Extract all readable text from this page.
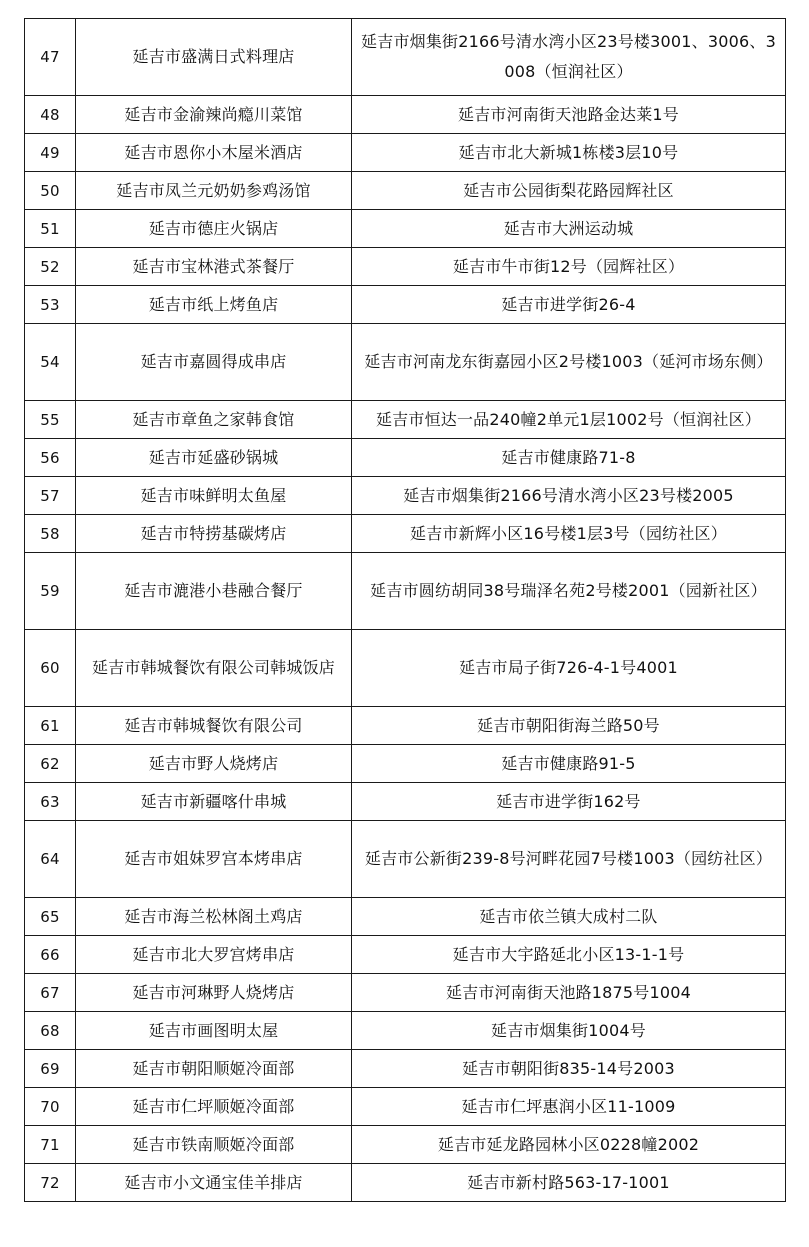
47	延吉市盛满日式料理店	延吉市烟集街2166号清水湾小区23号楼3001、3006、3008（恒润社区）

48	延吉市金渝辣尚瘾川菜馆	延吉市河南街天池路金达莱1号

49	延吉市恩你小木屋米酒店	延吉市北大新城1栋楼3层10号

50	延吉市凤兰元奶奶参鸡汤馆	延吉市公园街梨花路园辉社区

51	延吉市德庄火锅店	延吉市大洲运动城

52	延吉市宝林港式茶餐厅	延吉市牛市街12号（园辉社区）

53	延吉市纸上烤鱼店	延吉市进学街26-4

54	延吉市嘉圆得成串店	延吉市河南龙东街嘉园小区2号楼1003（延河市场东侧）

55	延吉市章鱼之家韩食馆	延吉市恒达一品240幢2单元1层1002号（恒润社区）

56	延吉市延盛砂锅城	延吉市健康路71-8

57	延吉市味鲜明太鱼屋	延吉市烟集街2166号清水湾小区23号楼2005

58	延吉市特捞基碳烤店	延吉市新辉小区16号楼1层3号（园纺社区）

59	延吉市漉港小巷融合餐厅	延吉市圆纺胡同38号瑞泽名苑2号楼2001（园新社区）

60	延吉市韩城餐饮有限公司韩城饭店	延吉市局子街726-4-1号4001

61	延吉市韩城餐饮有限公司	延吉市朝阳街海兰路50号

62	延吉市野人烧烤店	延吉市健康路91-5

63	延吉市新疆喀什串城	延吉市进学街162号

64	延吉市姐妹罗宫本烤串店	延吉市公新街239-8号河畔花园7号楼1003（园纺社区）

65	延吉市海兰松林阁土鸡店	延吉市依兰镇大成村二队

66	延吉市北大罗宫烤串店	延吉市大宇路延北小区13-1-1号

67	延吉市河琳野人烧烤店	延吉市河南街天池路1875号1004

68	延吉市画图明太屋	延吉市烟集街1004号

69	延吉市朝阳顺姬冷面部	延吉市朝阳街835-14号2003

70	延吉市仁坪顺姬冷面部	延吉市仁坪惠润小区11-1009

71	延吉市铁南顺姬冷面部	延吉市延龙路园林小区0228幢2002

72	延吉市小文通宝佳羊排店	延吉市新村路563-17-1001
